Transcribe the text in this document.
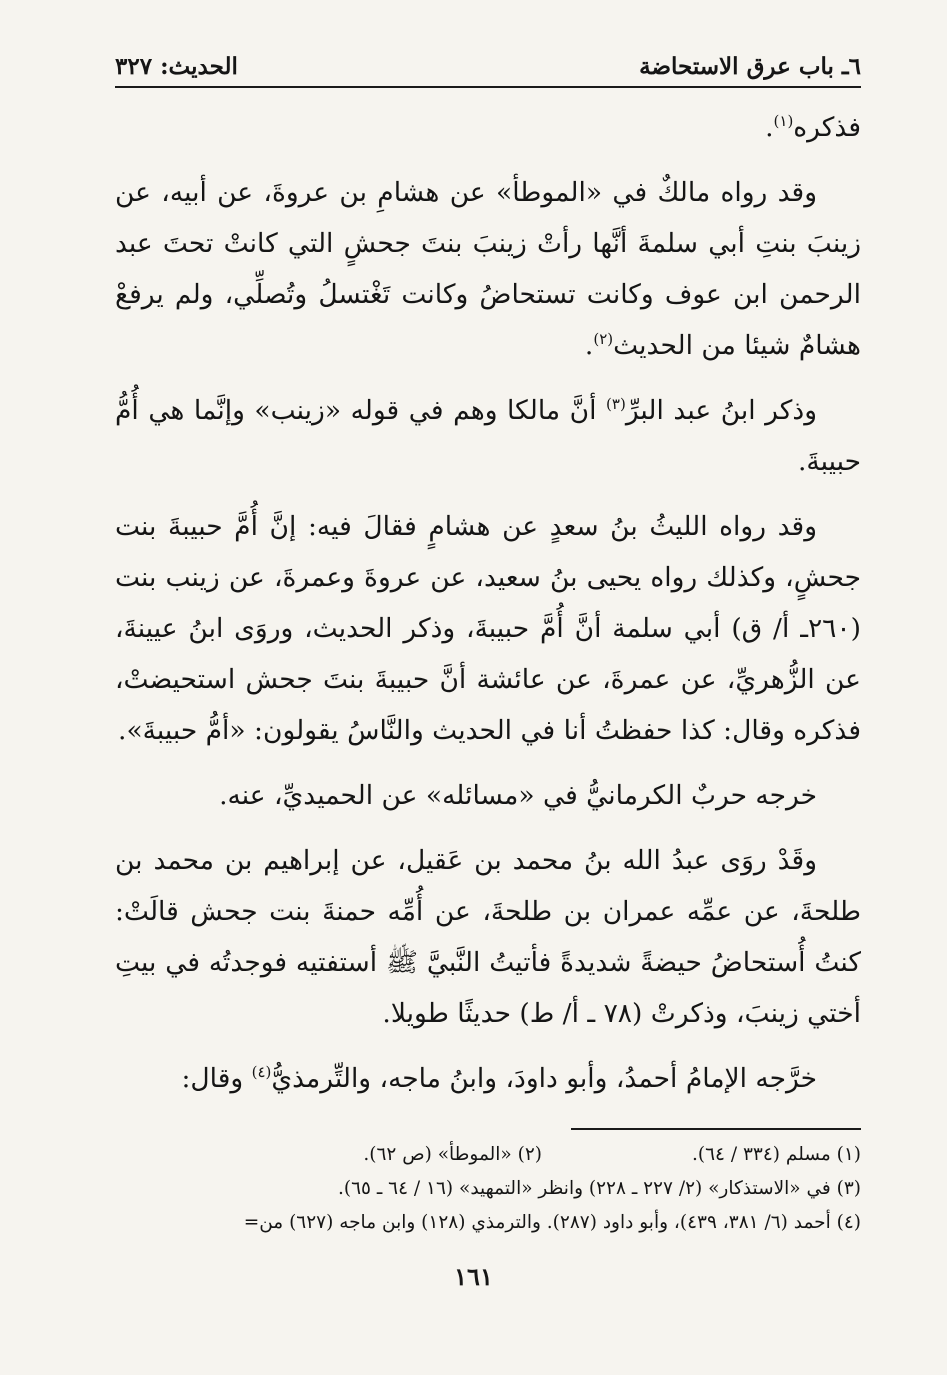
٦ـ باب عرق الاستحاضة
الحديث: ٣٢٧

فذكره$^{(١)}$.

وقد رواه مالكٌ في «الموطأ» عن هشامِ بن عروةَ، عن أبيه، عن زينبَ بنتِ أبي سلمةَ أنَّها رأتْ زينبَ بنتَ جحشٍ التي كانتْ تحتَ عبد الرحمن ابن عوف وكانت تستحاضُ وكانت تَغْتسلُ وتُصلِّي، ولم يرفعْ هشامٌ شيئا من الحديث$^{(٢)}$.

وذكر ابنُ عبد البرِّ$^{(٣)}$ أنَّ مالكا وهم في قوله «زينب» وإنَّما هي أُمُّ حبيبةَ.

وقد رواه الليثُ بنُ سعدٍ عن هشامٍ فقالَ فيه: إنَّ أُمَّ حبيبةَ بنت جحشٍ، وكذلك رواه يحيى بنُ سعيد، عن عروةَ وعمرةَ، عن زينب بنت (٢٦٠ـ أ/ ق) أبي سلمة أنَّ أُمَّ حبيبةَ، وذكر الحديث، وروَى ابنُ عيينةَ، عن الزُّهريِّ، عن عمرةَ، عن عائشة أنَّ حبيبةَ بنتَ جحش استحيضتْ، فذكره وقال: كذا حفظتُ أنا في الحديث والنَّاسُ يقولون: «أمُّ حبيبةَ».

خرجه حربٌ الكرمانيُّ في «مسائله» عن الحميديِّ، عنه.

وقَدْ روَى عبدُ الله بنُ محمد بن عَقيل، عن إبراهيم بن محمد بن طلحةَ، عن عمِّه عمران بن طلحةَ، عن أُمِّه حمنةَ بنت جحش قالَتْ: كنتُ أُستحاضُ حيضةً شديدةً فأتيتُ النَّبيَّ ﷺ أستفتيه فوجدتُه في بيتِ أختي زينبَ، وذكرتْ (٧٨ ـ أ/ ط) حديثًا طويلا.

خرَّجه الإمامُ أحمدُ، وأبو داودَ، وابنُ ماجه، والتِّرمذيُّ$^{(٤)}$ وقال:

(١) مسلم (٣٣٤ / ٦٤).
(٢) «الموطأ» (ص ٦٢).
(٣) في «الاستذكار» (٢/ ٢٢٧ ـ ٢٢٨) وانظر «التمهيد» (١٦ / ٦٤ ـ ٦٥).
(٤) أحمد (٦/ ٣٨١، ٤٣٩)، وأبو داود (٢٨٧). والترمذي (١٢٨) وابن ماجه (٦٢٧) من=
١٦١
